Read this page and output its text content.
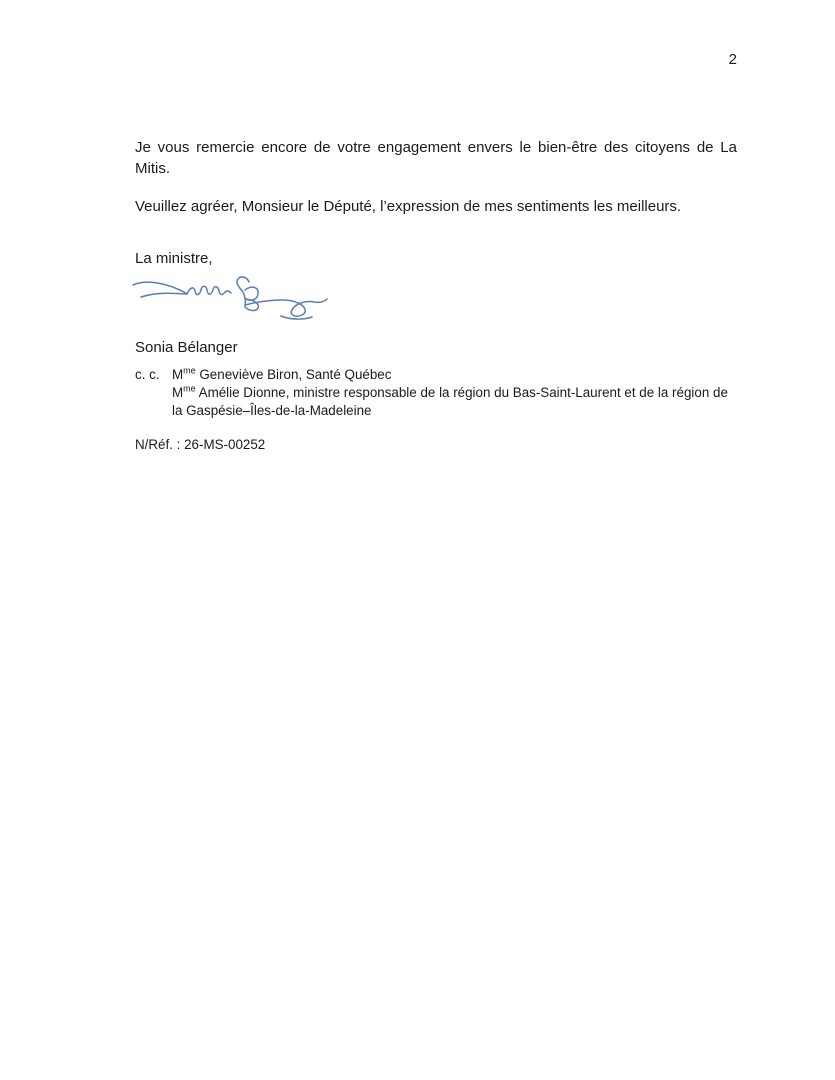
2

Je vous remercie encore de votre engagement envers le bien-être des citoyens de La Mitis.

Veuillez agréer, Monsieur le Député, l’expression de mes sentiments les meilleurs.

La ministre,

Sonia Bélanger

c. c. $M^{me}$ Geneviève Biron, Santé Québec
$M^{me}$ Amélie Dionne, ministre responsable de la région du Bas-Saint-Laurent et de la région de la Gaspésie–Îles-de-la-Madeleine

N/Réf. : 26-MS-00252
